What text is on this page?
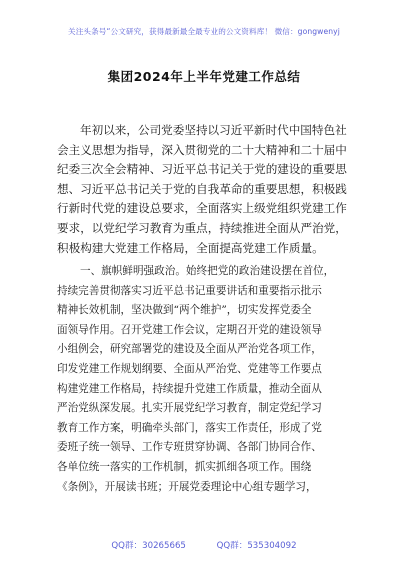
关注头条号“公文研究，获得最新最全最专业的公文资料库！ 微信：gongwenyj
集团2024年上半年党建工作总结
年初以来，公司党委坚持以习近平新时代中国特色社
会主义思想为指导，深入贯彻党的二十大精神和二十届中
纪委三次全会精神、习近平总书记关于党的建设的重要思
想、习近平总书记关于党的自我革命的重要思想，积极践
行新时代党的建设总要求，全面落实上级党组织党建工作
要求，以党纪学习教育为重点，持续推进全面从严治党，
积极构建大党建工作格局，全面提高党建工作质量。
一、旗帜鲜明强政治。始终把党的政治建设摆在首位，
持续完善贯彻落实习近平总书记重要讲话和重要指示批示
精神长效机制，坚决做到“两个维护”，切实发挥党委全
面领导作用。召开党建工作会议，定期召开党的建设领导
小组例会，研究部署党的建设及全面从严治党各项工作，
印发党建工作规划纲要、全面从严治党、党建等工作要点
构建党建工作格局，持续提升党建工作质量，推动全面从
严治党纵深发展。扎实开展党纪学习教育，制定党纪学习
教育工作方案，明确牵头部门，落实工作责任，形成了党
委班子统一领导、工作专班贯穿协调、各部门协同合作、
各单位统一落实的工作机制，抓实抓细各项工作。围绕
《条例》，开展读书班；开展党委理论中心组专题学习，
QQ群：30265665	QQ群：535304092
